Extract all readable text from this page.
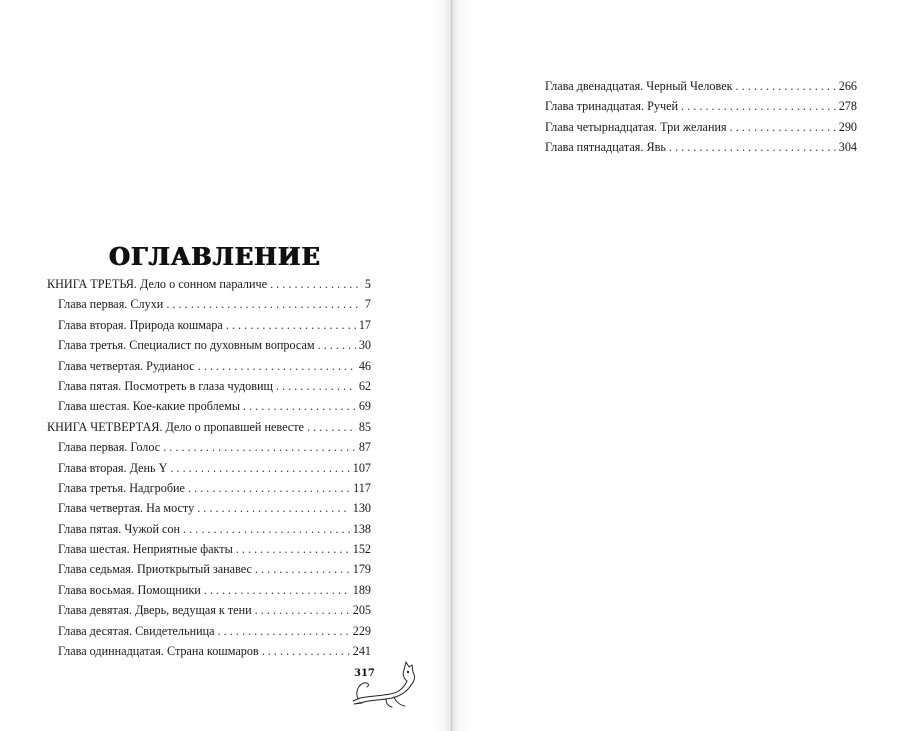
ОГЛАВЛЕНИЕ
КНИГА ТРЕТЬЯ. Дело о сонном параличе . . .	5
Глава первая. Слухи . . .	7
Глава вторая. Природа кошмара . . .	17
Глава третья. Специалист по духовным вопросам . . .	30
Глава четвертая. Рудианос . . .	46
Глава пятая. Посмотреть в глаза чудовищ . . .	62
Глава шестая. Кое-какие проблемы . . .	69
КНИГА ЧЕТВЕРТАЯ. Дело о пропавшей невесте . . .	85
Глава первая. Голос . . .	87
Глава вторая. День Y . . .	107
Глава третья. Надгробие . . .	117
Глава четвертая. На мосту . . .	130
Глава пятая. Чужой сон . . .	138
Глава шестая. Неприятные факты . . .	152
Глава седьмая. Приоткрытый занавес . . .	179
Глава восьмая. Помощники . . .	189
Глава девятая. Дверь, ведущая к тени . . .	205
Глава десятая. Свидетельница . . .	229
Глава одиннадцатая. Страна кошмаров . . .	241
317
Глава двенадцатая. Черный Человек . . .	266
Глава тринадцатая. Ручей . . .	278
Глава четырнадцатая. Три желания . . .	290
Глава пятнадцатая. Явь . . .	304
